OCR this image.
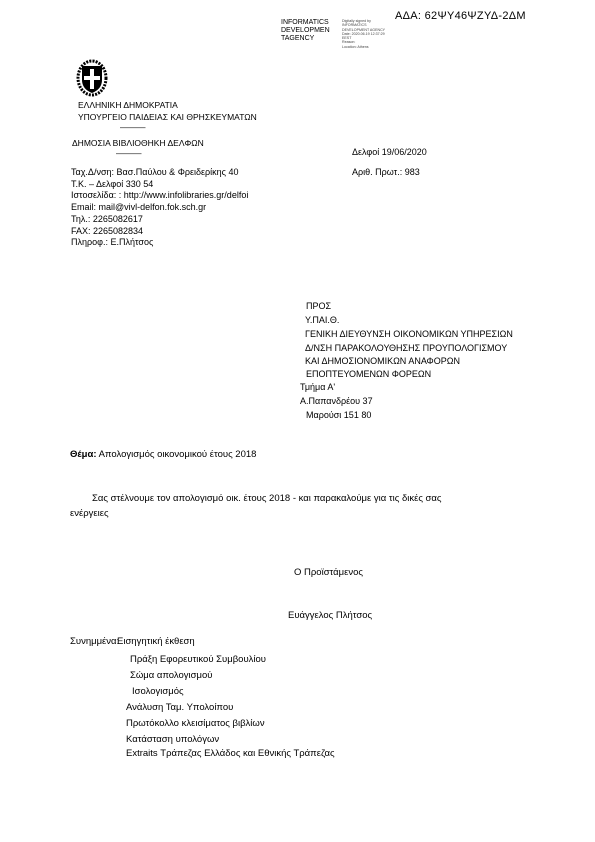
ΑΔΑ: 62ΨΥ46ΨΖΥΔ-2ΔΜ
INFORMATICS
DEVELOPMEN
TAGENCY
Digitally signed by
INFORMATICS
DEVELOPMENT AGENCY
Date: 2020.06.19 12:37:29
EEST
Reason:
Location: Athens
ΕΛΛΗΝΙΚΗ ΔΗΜΟΚΡΑΤΙΑ
ΥΠΟΥΡΓΕΙΟ ΠΑΙΔΕΙΑΣ ΚΑΙ ΘΡΗΣΚΕΥΜΑΤΩΝ
———
ΔΗΜΟΣΙΑ ΒΙΒΛΙΟΘΗΚΗ ΔΕΛΦΩΝ
———
Ταχ.Δ/νση: Βασ.Παύλου & Φρειδερίκης 40
Τ.Κ. – Δελφοί 330 54
Ιστοσελίδα: : http://www.infolibraries.gr/delfoi
Email: mail@vivl-delfon.fok.sch.gr
Τηλ.: 2265082617
FAX: 2265082834
Πληροφ.: Ε.Πλήτσος
Δελφοί 19/06/2020
Αριθ. Πρωτ.: 983
ΠΡΟΣ
Υ.ΠΑΙ.Θ.
ΓΕΝΙΚΗ ΔΙΕΥΘΥΝΣΗ ΟΙΚΟΝΟΜΙΚΩΝ ΥΠΗΡΕΣΙΩΝ
Δ/ΝΣΗ ΠΑΡΑΚΟΛΟΥΘΗΣΗΣ ΠΡΟΥΠΟΛΟΓΙΣΜΟΥ
ΚΑΙ ΔΗΜΟΣΙΟΝΟΜΙΚΩΝ ΑΝΑΦΟΡΩΝ
ΕΠΟΠΤΕΥΟΜΕΝΩΝ ΦΟΡΕΩΝ
Τμήμα Α'
Α.Παπανδρέου 37
Μαρούσι 151 80
Θέμα: Απολογισμός οικονομικού έτους 2018
Σας στέλνουμε τον απολογισμό οικ. έτους 2018 - και παρακαλούμε για τις δικές σας
ενέργειες
Ο Προϊστάμενος
Ευάγγελος Πλήτσος
Συνημμένα:
Εισηγητική έκθεση
Πράξη Εφορευτικού Συμβουλίου
Σώμα απολογισμού
Ισολογισμός
Ανάλυση Ταμ. Υπολοίπου
Πρωτόκολλο κλεισίματος βιβλίων
Κατάσταση υπολόγων
Extraits Τράπεζας Ελλάδος και Εθνικής Τράπεζας
